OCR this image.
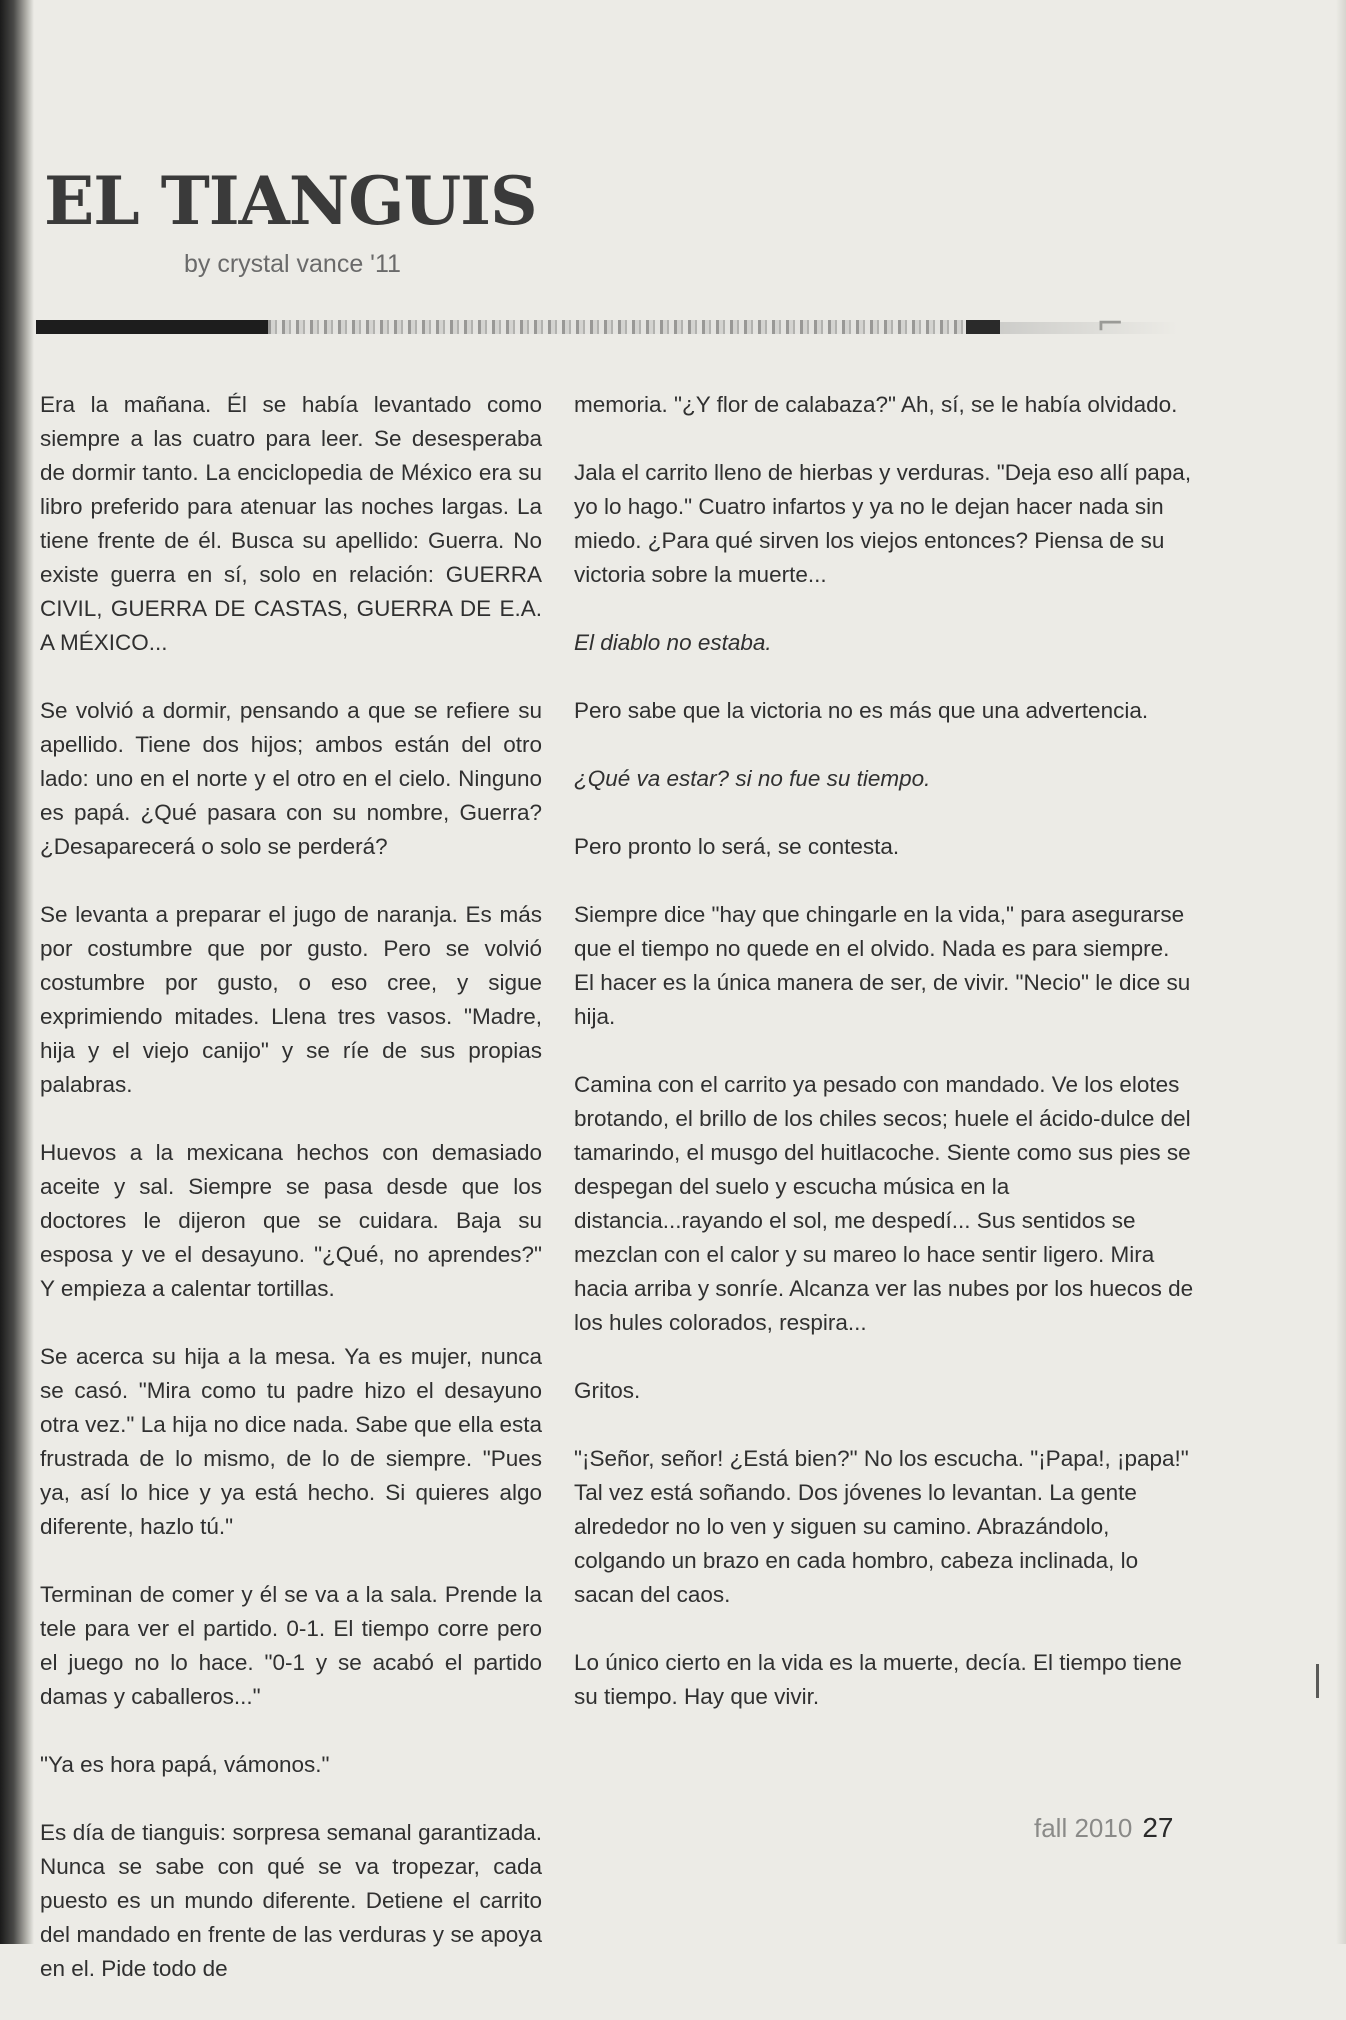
EL TIANGUIS
by crystal vance '11
⌐

Era la mañana. Él se había levantado como siempre a las cuatro para leer. Se desesperaba de dormir tanto. La enciclopedia de México era su libro preferido para atenuar las noches largas. La tiene frente de él. Busca su apellido: Guerra. No existe guerra en sí, solo en relación: GUERRA CIVIL, GUERRA DE CASTAS, GUERRA DE E.A. A MÉXICO...

Se volvió a dormir, pensando a que se refiere su apellido. Tiene dos hijos; ambos están del otro lado: uno en el norte y el otro en el cielo. Ninguno es papá. ¿Qué pasara con su nombre, Guerra? ¿Desaparecerá o solo se perderá?

Se levanta a preparar el jugo de naranja. Es más por costumbre que por gusto. Pero se volvió costumbre por gusto, o eso cree, y sigue exprimiendo mitades. Llena tres vasos. "Madre, hija y el viejo canijo" y se ríe de sus propias palabras.

Huevos a la mexicana hechos con demasiado aceite y sal. Siempre se pasa desde que los doctores le dijeron que se cuidara. Baja su esposa y ve el desayuno. "¿Qué, no aprendes?" Y empieza a calentar tortillas.

Se acerca su hija a la mesa. Ya es mujer, nunca se casó. "Mira como tu padre hizo el desayuno otra vez." La hija no dice nada. Sabe que ella esta frustrada de lo mismo, de lo de siempre. "Pues ya, así lo hice y ya está hecho. Si quieres algo diferente, hazlo tú."

Terminan de comer y él se va a la sala. Prende la tele para ver el partido. 0-1. El tiempo corre pero el juego no lo hace. "0-1 y se acabó el partido damas y caballeros..."

"Ya es hora papá, vámonos."

Es día de tianguis: sorpresa semanal garantizada. Nunca se sabe con qué se va tropezar, cada puesto es un mundo diferente. Detiene el carrito del mandado en frente de las verduras y se apoya en el. Pide todo de

memoria. "¿Y flor de calabaza?" Ah, sí, se le había olvidado.

Jala el carrito lleno de hierbas y verduras. "Deja eso allí papa, yo lo hago." Cuatro infartos y ya no le dejan hacer nada sin miedo. ¿Para qué sirven los viejos entonces? Piensa de su victoria sobre la muerte...

El diablo no estaba.

Pero sabe que la victoria no es más que una advertencia.

¿Qué va estar? si no fue su tiempo.

Pero pronto lo será, se contesta.

Siempre dice "hay que chingarle en la vida," para asegurarse que el tiempo no quede en el olvido. Nada es para siempre. El hacer es la única manera de ser, de vivir. "Necio" le dice su hija.

Camina con el carrito ya pesado con mandado. Ve los elotes brotando, el brillo de los chiles secos; huele el ácido-dulce del tamarindo, el musgo del huitlacoche. Siente como sus pies se despegan del suelo y escucha música en la distancia...rayando el sol, me despedí... Sus sentidos se mezclan con el calor y su mareo lo hace sentir ligero. Mira hacia arriba y sonríe. Alcanza ver las nubes por los huecos de los hules colorados, respira...

Gritos.

"¡Señor, señor! ¿Está bien?" No los escucha. "¡Papa!, ¡papa!" Tal vez está soñando. Dos jóvenes lo levantan. La gente alrededor no lo ven y siguen su camino. Abrazándolo, colgando un brazo en cada hombro, cabeza inclinada, lo sacan del caos.

Lo único cierto en la vida es la muerte, decía. El tiempo tiene su tiempo. Hay que vivir.

fall 2010 27
